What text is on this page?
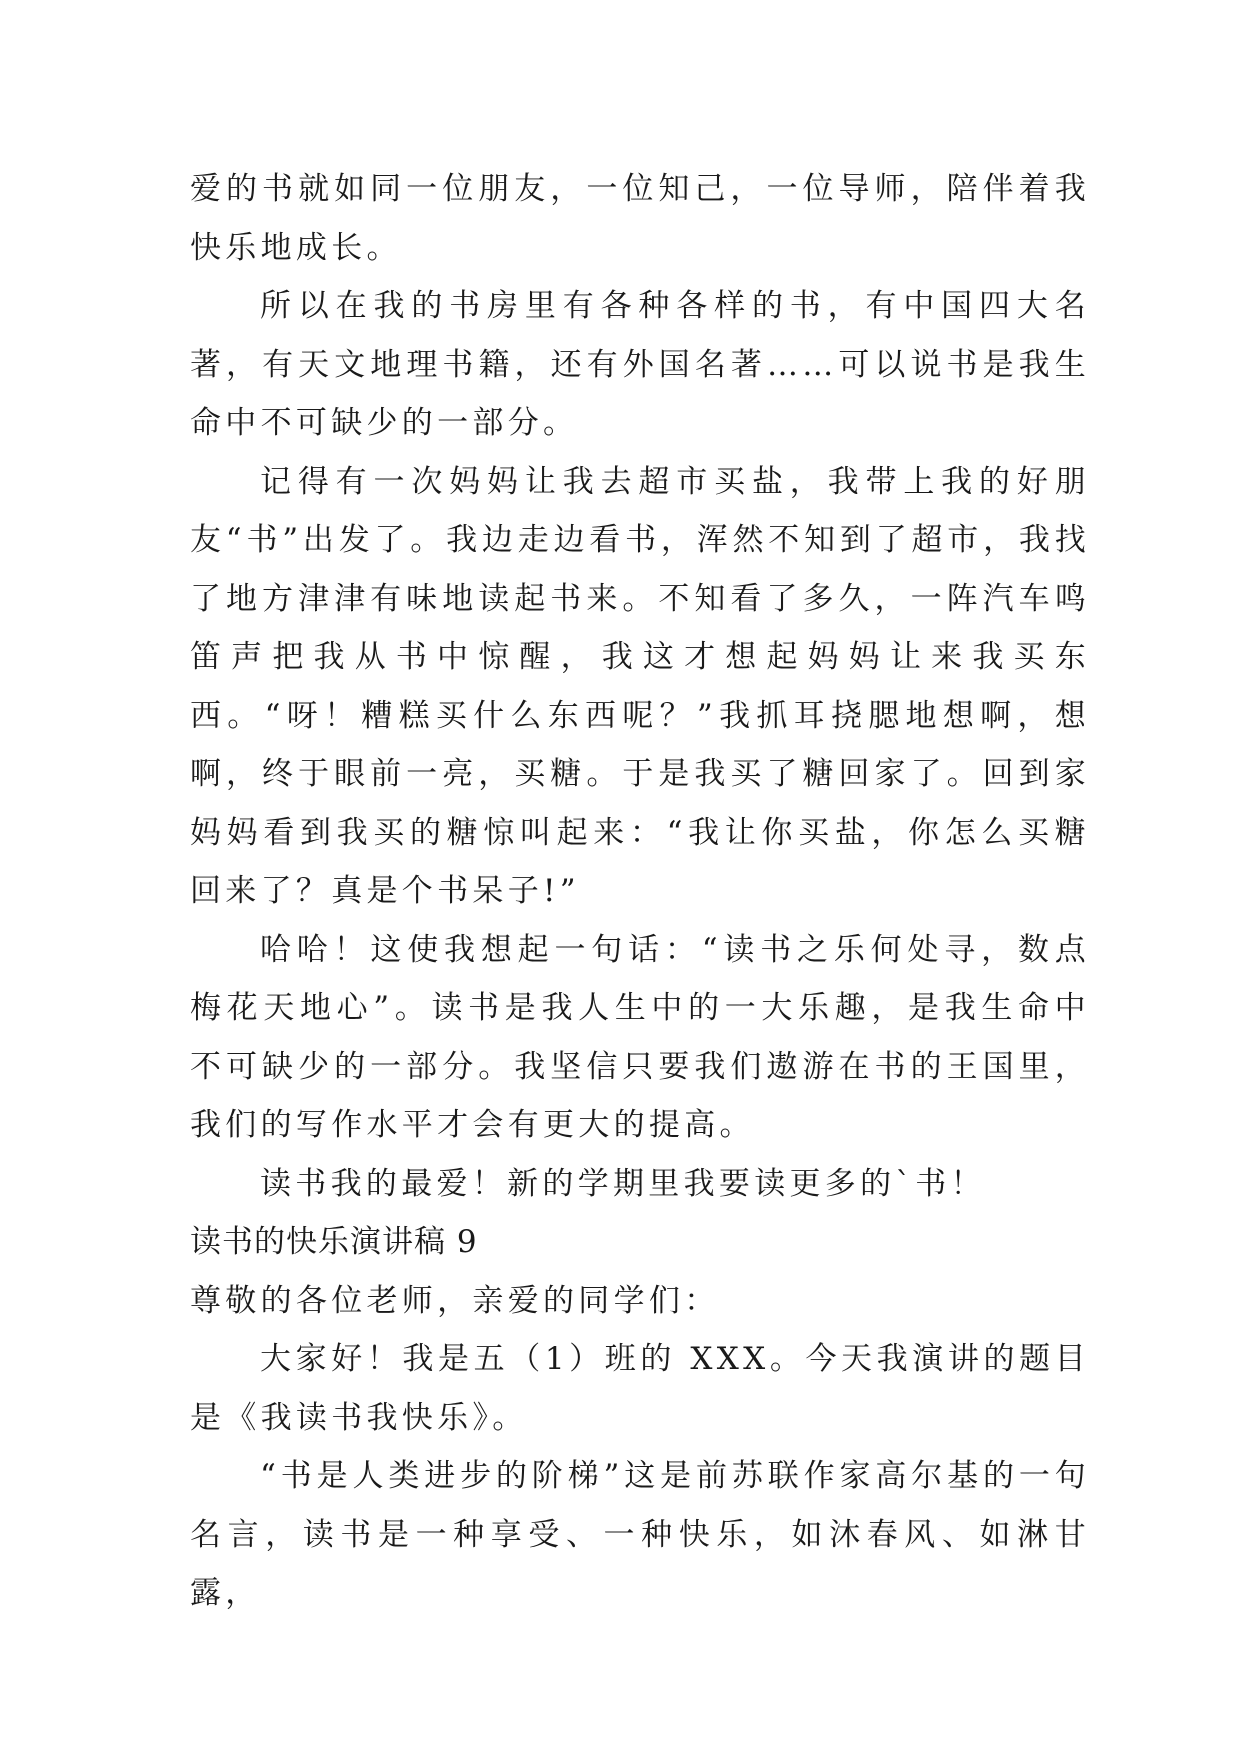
爱的书就如同一位朋友，一位知己，一位导师，陪伴着我快乐地成长。

所以在我的书房里有各种各样的书，有中国四大名著，有天文地理书籍，还有外国名著……可以说书是我生命中不可缺少的一部分。

记得有一次妈妈让我去超市买盐，我带上我的好朋友“书”出发了。我边走边看书，浑然不知到了超市，我找了地方津津有味地读起书来。不知看了多久，一阵汽车鸣笛声把我从书中惊醒，我这才想起妈妈让来我买东西。“呀！糟糕买什么东西呢？”我抓耳挠腮地想啊，想啊，终于眼前一亮，买糖。于是我买了糖回家了。回到家妈妈看到我买的糖惊叫起来：“我让你买盐，你怎么买糖回来了？真是个书呆子!”

哈哈！这使我想起一句话：“读书之乐何处寻，数点梅花天地心”。读书是我人生中的一大乐趣，是我生命中不可缺少的一部分。我坚信只要我们遨游在书的王国里，我们的写作水平才会有更大的提高。

读书我的最爱！新的学期里我要读更多的`书！

读书的快乐演讲稿 9

尊敬的各位老师，亲爱的同学们：

大家好！我是五（1）班的 XXX。今天我演讲的题目是《我读书我快乐》。

“书是人类进步的阶梯”这是前苏联作家高尔基的一句名言，读书是一种享受、一种快乐，如沐春风、如淋甘露，
